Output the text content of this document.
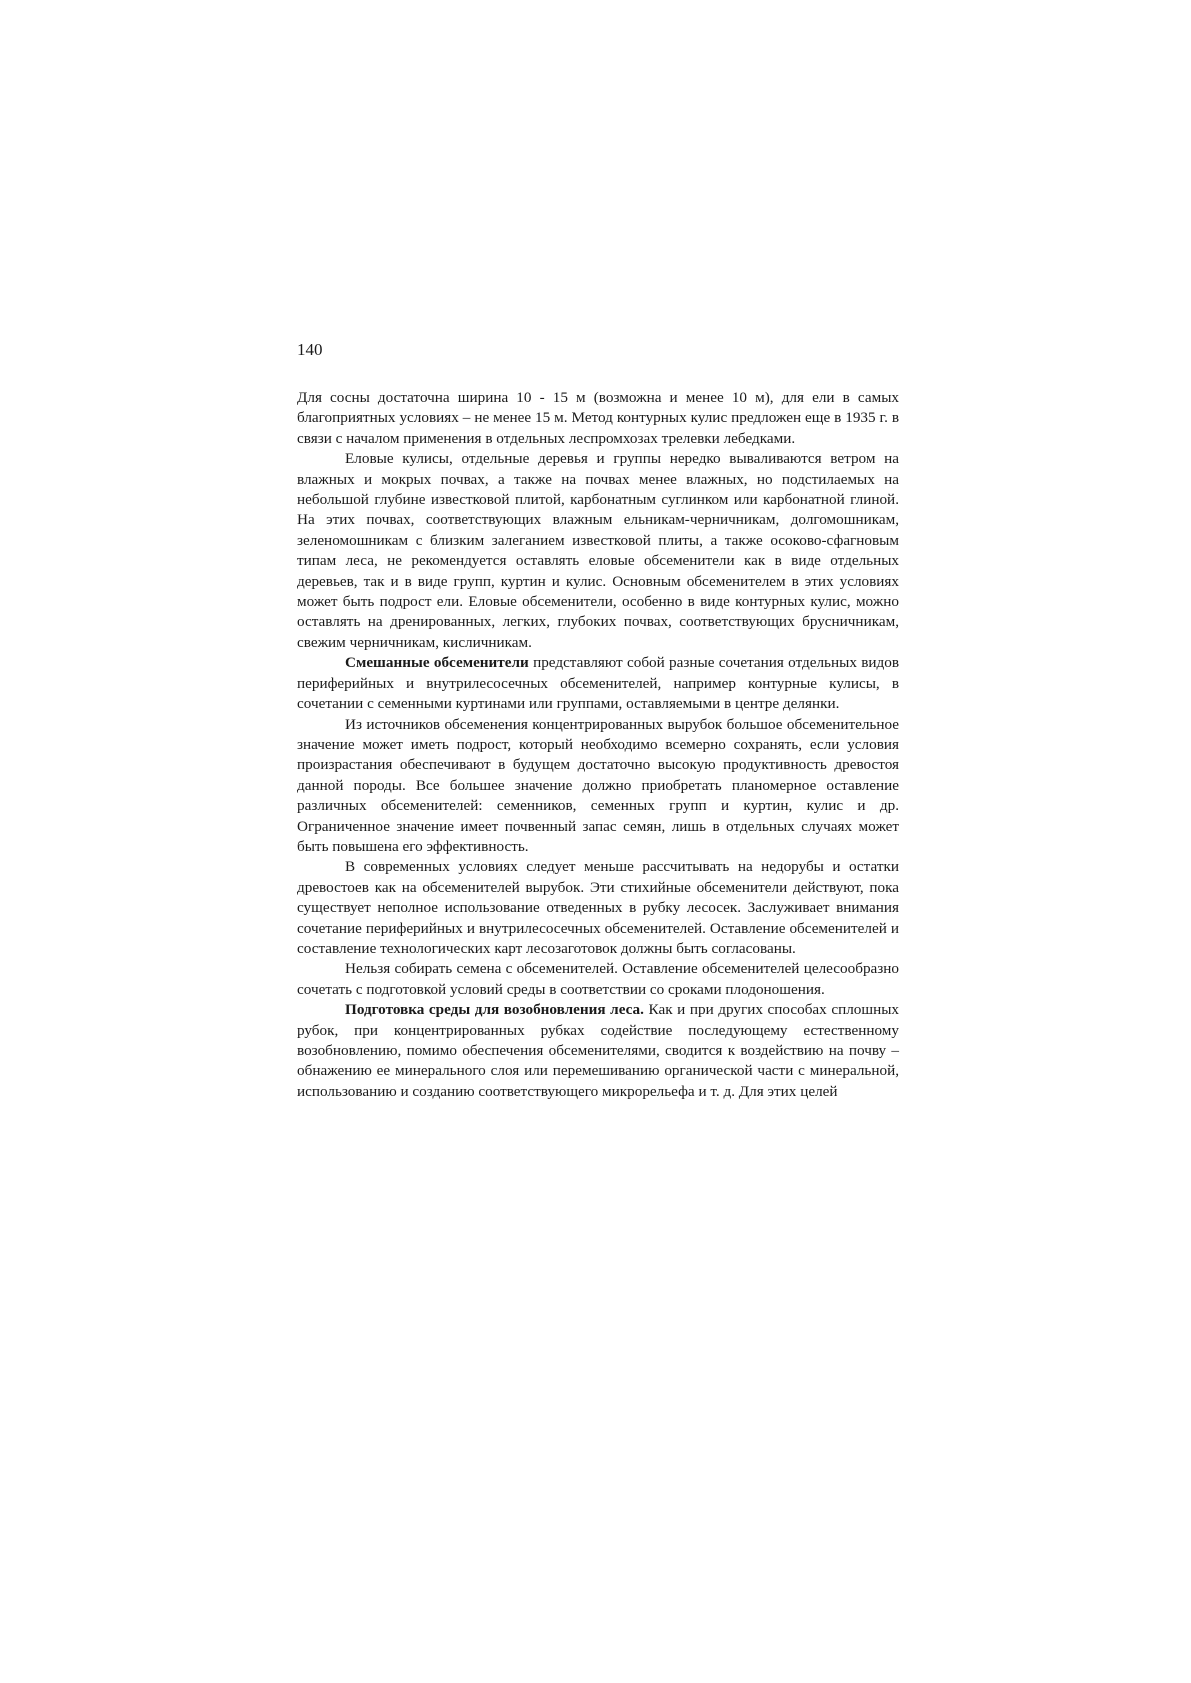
140

Для сосны достаточна ширина 10 - 15 м (возможна и менее 10 м), для ели в самых благоприятных условиях – не менее 15 м. Метод контурных кулис предложен еще в 1935 г. в связи с началом применения в отдельных леспромхозах трелевки лебедками.

Еловые кулисы, отдельные деревья и группы нередко вываливаются ветром на влажных и мокрых почвах, а также на почвах менее влажных, но подстилаемых на небольшой глубине известковой плитой, карбонатным суглинком или карбонатной глиной. На этих почвах, соответствующих влажным ельникам-черничникам, долгомошникам, зеленомошникам с близким залеганием известковой плиты, а также осоково-сфагновым типам леса, не рекомендуется оставлять еловые обсеменители как в виде отдельных деревьев, так и в виде групп, куртин и кулис. Основным обсеменителем в этих условиях может быть подрост ели. Еловые обсеменители, особенно в виде контурных кулис, можно оставлять на дренированных, легких, глубоких почвах, соответствующих брусничникам, свежим черничникам, кисличникам.

Смешанные обсеменители представляют собой разные сочетания отдельных видов периферийных и внутрилесосечных обсеменителей, например контурные кулисы, в сочетании с семенными куртинами или группами, оставляемыми в центре делянки.

Из источников обсеменения концентрированных вырубок большое обсеменительное значение может иметь подрост, который необходимо всемерно сохранять, если условия произрастания обеспечивают в будущем достаточно высокую продуктивность древостоя данной породы. Все большее значение должно приобретать планомерное оставление различных обсеменителей: семенников, семенных групп и куртин, кулис и др. Ограниченное значение имеет почвенный запас семян, лишь в отдельных случаях может быть повышена его эффективность.

В современных условиях следует меньше рассчитывать на недорубы и остатки древостоев как на обсеменителей вырубок. Эти стихийные обсеменители действуют, пока существует неполное использование отведенных в рубку лесосек. Заслуживает внимания сочетание периферийных и внутрилесосечных обсеменителей. Оставление обсеменителей и составление технологических карт лесозаготовок должны быть согласованы.

Нельзя собирать семена с обсеменителей. Оставление обсеменителей целесообразно сочетать с подготовкой условий среды в соответствии со сроками плодоношения.

Подготовка среды для возобновления леса. Как и при других способах сплошных рубок, при концентрированных рубках содействие последующему естественному возобновлению, помимо обеспечения обсеменителями, сводится к воздействию на почву – обнажению ее минерального слоя или перемешиванию органической части с минеральной, использованию и созданию соответствующего микрорельефа и т. д. Для этих целей
